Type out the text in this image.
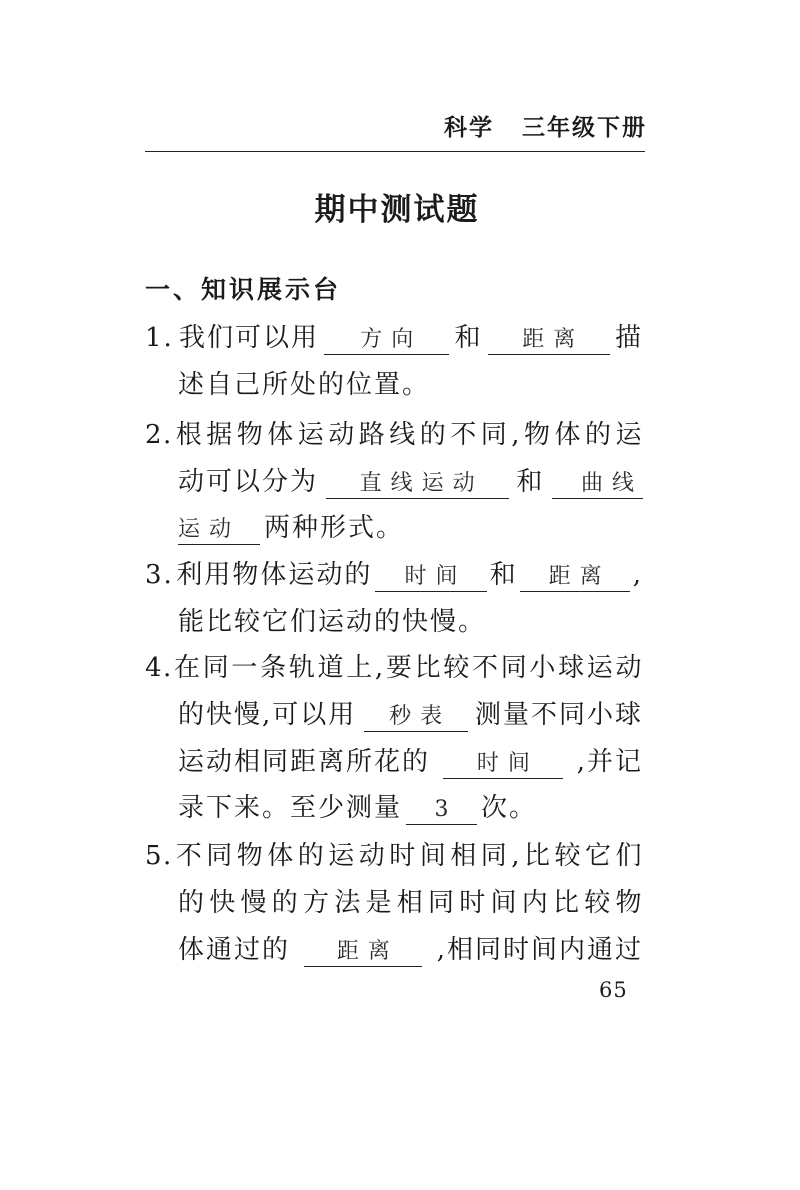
科学 三年级下册
期中测试题
一、知识展示台
1. 我们可以用	方向	和	距离	描
述自己所处的位置。
2.根据物体运动路线的不同,物体的运
动可以分为	直线运动	和	曲线
运动 两种形式。
3. 利用物体运动的	时间 和	距离 ,
能比较它们运动的快慢。
4.在同一条轨道上,要比较不同小球运动
的快慢,可以用	秒表 测量不同小球
运动相同距离所花的	时间	,并记
录下来。至少测量	3 次。
5.不同物体的运动时间相同,比较它们
的快慢的方法是相同时间内比较物
体通过的	距离	,相同时间内通过
65
